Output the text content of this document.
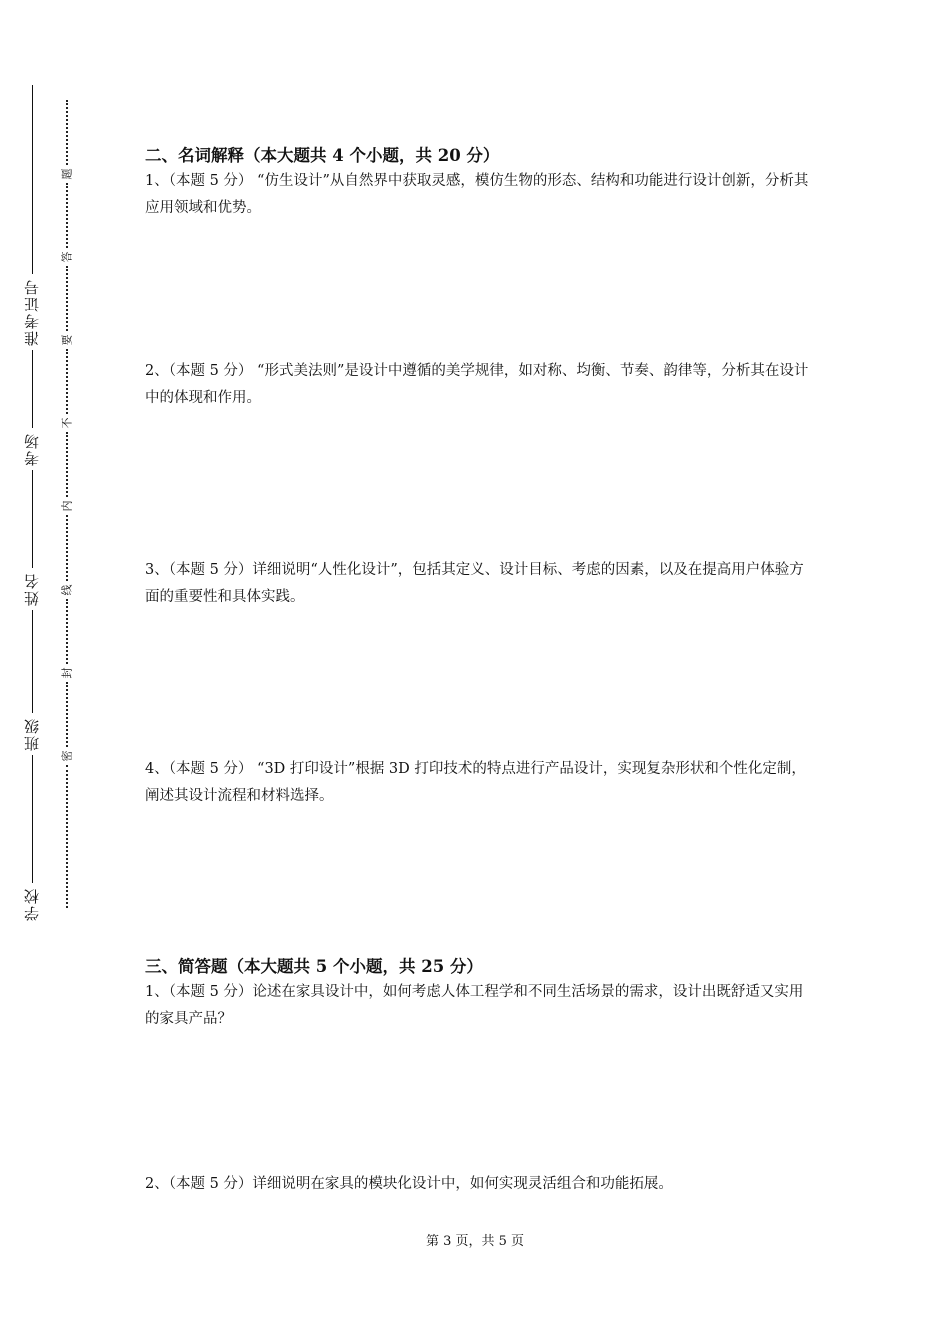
准考证号
考场
姓名
班级
学校
题
答
要
不
内
线
封
密
二、名词解释（本大题共 4 个小题，共 20 分）

1、（本题 5 分） “仿生设计”从自然界中获取灵感，模仿生物的形态、结构和功能进行设计创新，分析其应用领域和优势。

2、（本题 5 分） “形式美法则”是设计中遵循的美学规律，如对称、均衡、节奏、韵律等，分析其在设计中的体现和作用。

3、（本题 5 分）详细说明“人性化设计”，包括其定义、设计目标、考虑的因素，以及在提高用户体验方面的重要性和具体实践。

4、（本题 5 分） “3D 打印设计”根据 3D 打印技术的特点进行产品设计，实现复杂形状和个性化定制，阐述其设计流程和材料选择。

三、简答题（本大题共 5 个小题，共 25 分）

1、（本题 5 分）论述在家具设计中，如何考虑人体工程学和不同生活场景的需求，设计出既舒适又实用的家具产品？

2、（本题 5 分）详细说明在家具的模块化设计中，如何实现灵活组合和功能拓展。

第 3 页，共 5 页
